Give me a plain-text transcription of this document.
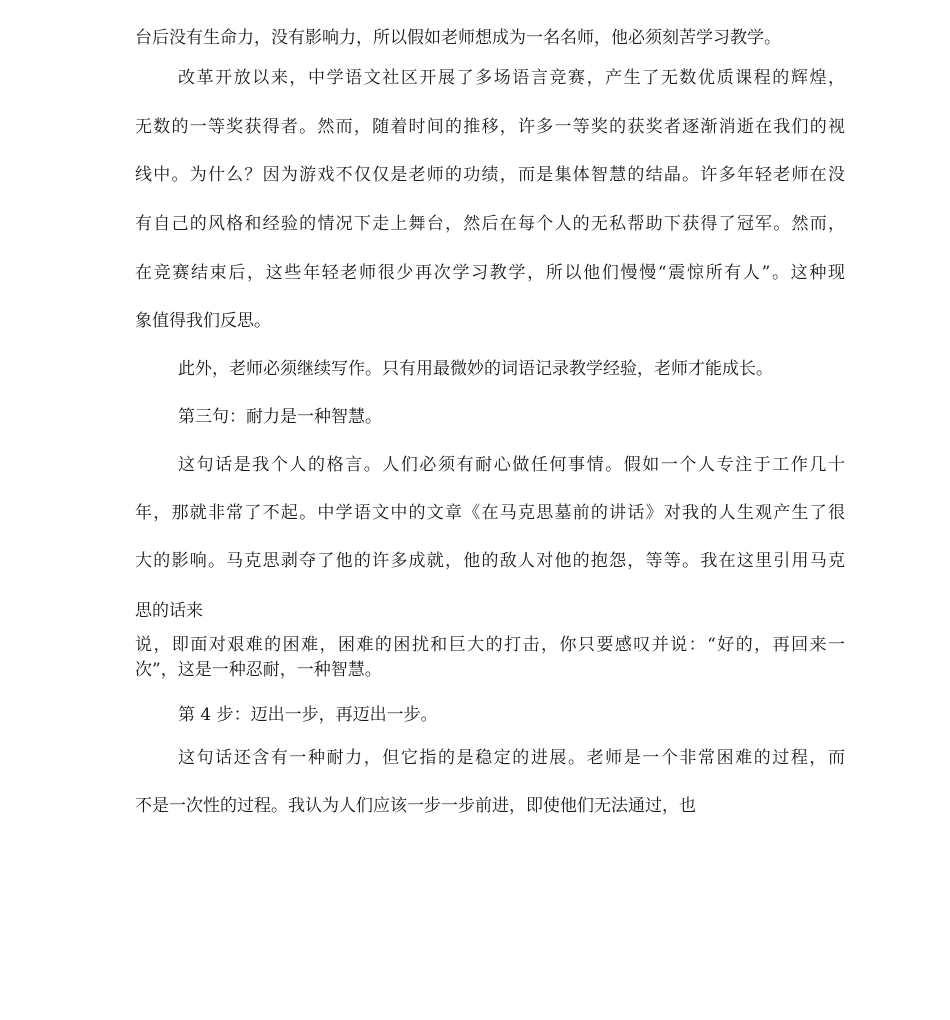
台后没有生命力，没有影响力，所以假如老师想成为一名名师，他必须刻苦学习教学。

改革开放以来，中学语文社区开展了多场语言竞赛，产生了无数优质课程的辉煌，

无数的一等奖获得者。然而，随着时间的推移，许多一等奖的获奖者逐渐消逝在我们的视

线中。为什么？因为游戏不仅仅是老师的功绩，而是集体智慧的结晶。许多年轻老师在没

有自己的风格和经验的情况下走上舞台，然后在每个人的无私帮助下获得了冠军。然而，

在竞赛结束后，这些年轻老师很少再次学习教学，所以他们慢慢“震惊所有人”。这种现

象值得我们反思。

此外，老师必须继续写作。只有用最微妙的词语记录教学经验，老师才能成长。

第三句：耐力是一种智慧。

这句话是我个人的格言。人们必须有耐心做任何事情。假如一个人专注于工作几十

年，那就非常了不起。中学语文中的文章《在马克思墓前的讲话》对我的人生观产生了很

大的影响。马克思剥夺了他的许多成就，他的敌人对他的抱怨，等等。我在这里引用马克

思的话来

说，即面对艰难的困难，困难的困扰和巨大的打击，你只要感叹并说：“好的，再回来一

次”，这是一种忍耐，一种智慧。

第 4 步：迈出一步，再迈出一步。

这句话还含有一种耐力，但它指的是稳定的进展。老师是一个非常困难的过程，而

不是一次性的过程。我认为人们应该一步一步前进，即使他们无法通过，也
